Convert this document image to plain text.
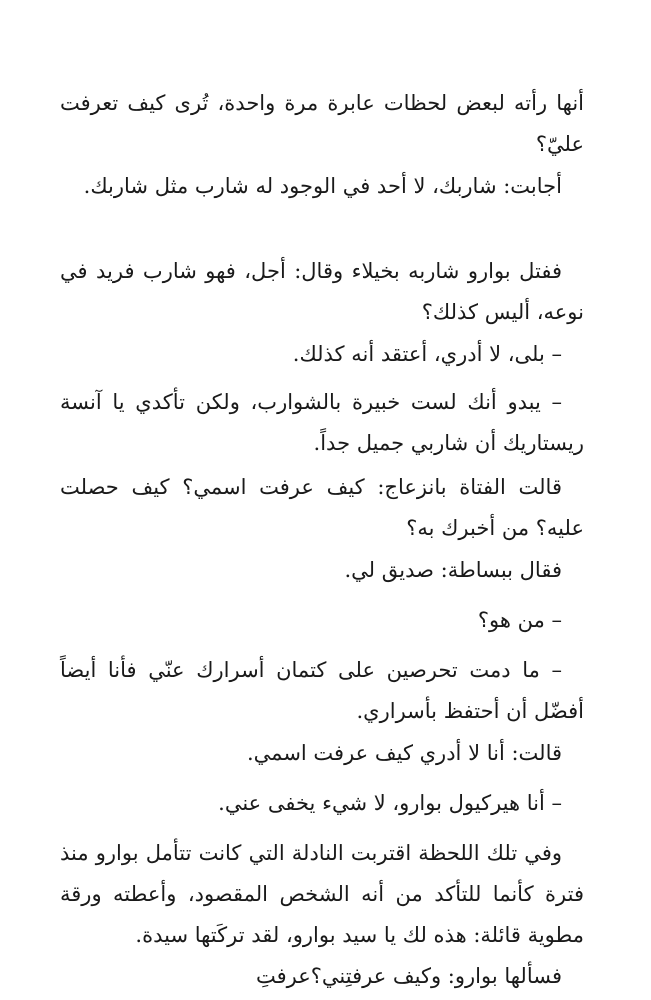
أنها رأته لبعض لحظات عابرة مرة واحدة، تُرى كيف تعرفت عليّ؟

أجابت: شاربك، لا أحد في الوجود له شارب مثل شاربك.

ففتل بوارو شاربه بخيلاء وقال: أجل، فهو شارب فريد في نوعه، أليس كذلك؟

– بلى، لا أدري، أعتقد أنه كذلك.

– يبدو أنك لست خبيرة بالشوارب، ولكن تأكدي يا آنسة ريستاريك أن شاربي جميل جداً.

قالت الفتاة بانزعاج: كيف عرفت اسمي؟ كيف حصلت عليه؟ من أخبرك به؟

فقال ببساطة: صديق لي.

– من هو؟

– ما دمت تحرصين على كتمان أسرارك عنّي فأنا أيضاً أفضّل أن أحتفظ بأسراري.

قالت: أنا لا أدري كيف عرفت اسمي.

– أنا هيركيول بوارو، لا شيء يخفى عني.

وفي تلك اللحظة اقتربت النادلة التي كانت تتأمل بوارو منذ فترة كأنما للتأكد من أنه الشخص المقصود، وأعطته ورقة مطوية قائلة: هذه لك يا سيد بوارو، لقد تركَتها سيدة.

فسألها بوارو: وكيف عرفتِني؟عرفتِ
